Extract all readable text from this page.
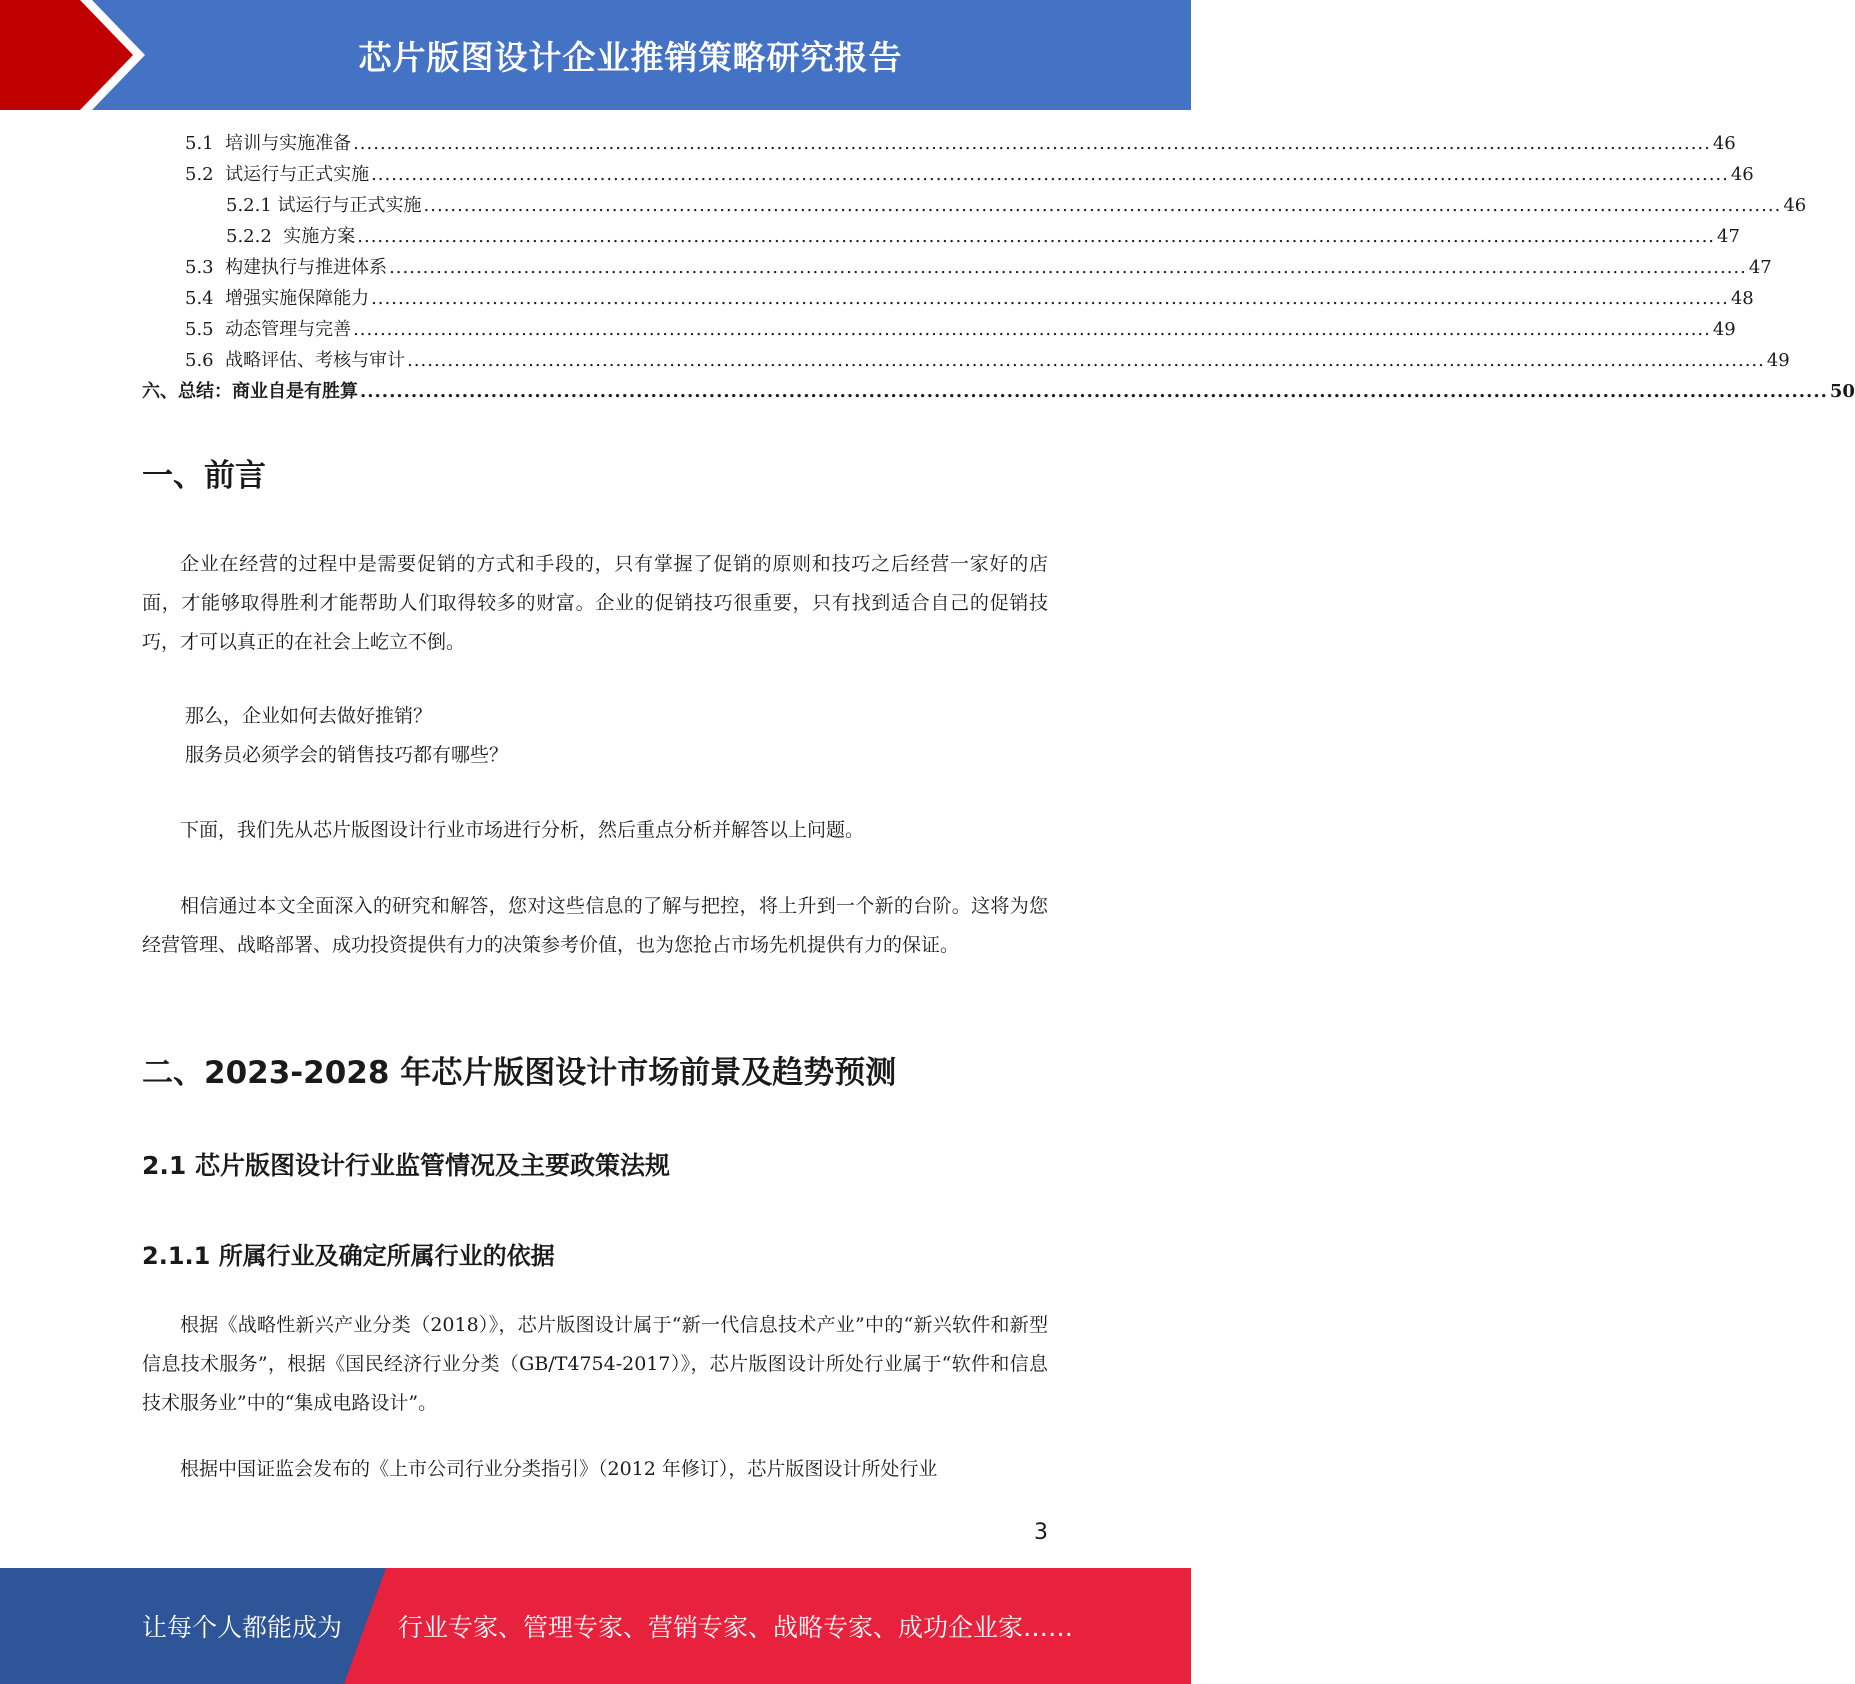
芯片版图设计企业推销策略研究报告
5.1  培训与实施准备 .......................................................................................................................................................................................................... 46
5.2  试运行与正式实施 .......................................................................................................................................................................................................... 46
5.2.1 试运行与正式实施 .......................................................................................................................................................................................................... 46
5.2.2  实施方案 .......................................................................................................................................................................................................... 47
5.3  构建执行与推进体系 .......................................................................................................................................................................................................... 47
5.4  增强实施保障能力 .......................................................................................................................................................................................................... 48
5.5  动态管理与完善 .......................................................................................................................................................................................................... 49
5.6  战略评估、考核与审计 .......................................................................................................................................................................................................... 49
六、总结：商业自是有胜算 .......................................................................................................................................................................................................... 50
一、前言
企业在经营的过程中是需要促销的方式和手段的，只有掌握了促销的原则和技巧之后经营一家好的店面，才能够取得胜利才能帮助人们取得较多的财富。企业的促销技巧很重要，只有找到适合自己的促销技巧，才可以真正的在社会上屹立不倒。
那么，企业如何去做好推销？
服务员必须学会的销售技巧都有哪些？
下面，我们先从芯片版图设计行业市场进行分析，然后重点分析并解答以上问题。
相信通过本文全面深入的研究和解答，您对这些信息的了解与把控，将上升到一个新的台阶。这将为您经营管理、战略部署、成功投资提供有力的决策参考价值，也为您抢占市场先机提供有力的保证。
二、2023-2028 年芯片版图设计市场前景及趋势预测
2.1 芯片版图设计行业监管情况及主要政策法规
2.1.1 所属行业及确定所属行业的依据
根据《战略性新兴产业分类（2018）》，芯片版图设计属于“新一代信息技术产业”中的“新兴软件和新型信息技术服务”，根据《国民经济行业分类（GB/T4754-2017）》，芯片版图设计所处行业属于“软件和信息技术服务业”中的“集成电路设计”。
根据中国证监会发布的《上市公司行业分类指引》（2012 年修订），芯片版图设计所处行业
3
让每个人都能成为 行业专家、管理专家、营销专家、战略专家、成功企业家……
